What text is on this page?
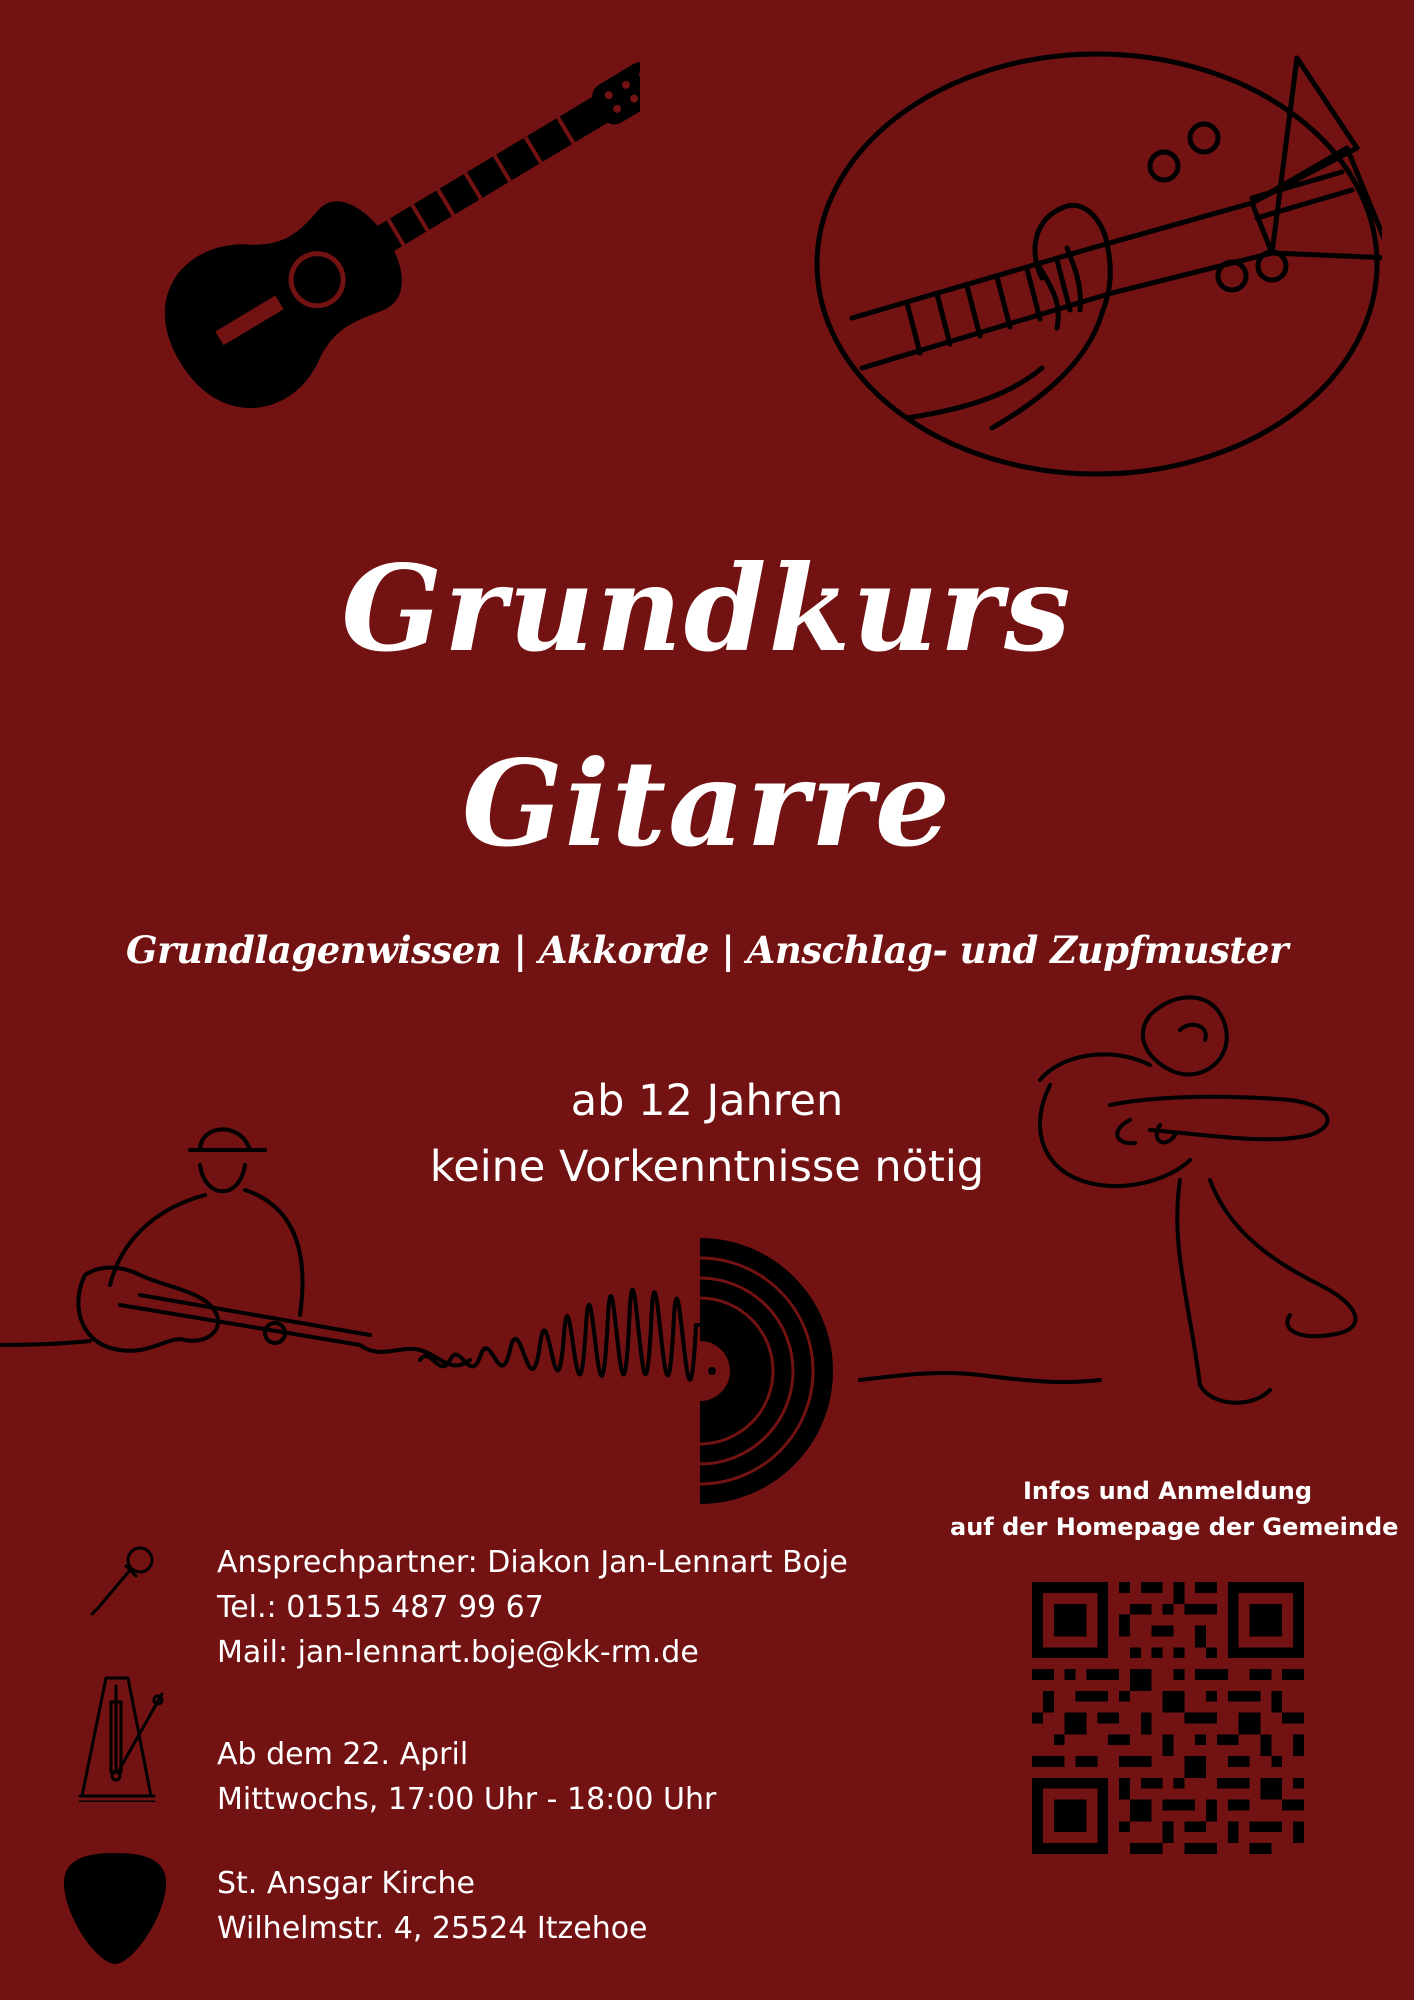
Grundkurs
Gitarre
Grundlagenwissen | Akkorde | Anschlag- und Zupfmuster
ab 12 Jahren
keine Vorkenntnisse nötig
Infos und Anmeldung
auf der Homepage der Gemeinde
Ansprechpartner: Diakon Jan-Lennart Boje
Tel.: 01515 487 99 67
Mail: jan-lennart.boje@kk-rm.de
Ab dem 22. April
Mittwochs, 17:00 Uhr - 18:00 Uhr
St. Ansgar Kirche
Wilhelmstr. 4, 25524 Itzehoe
